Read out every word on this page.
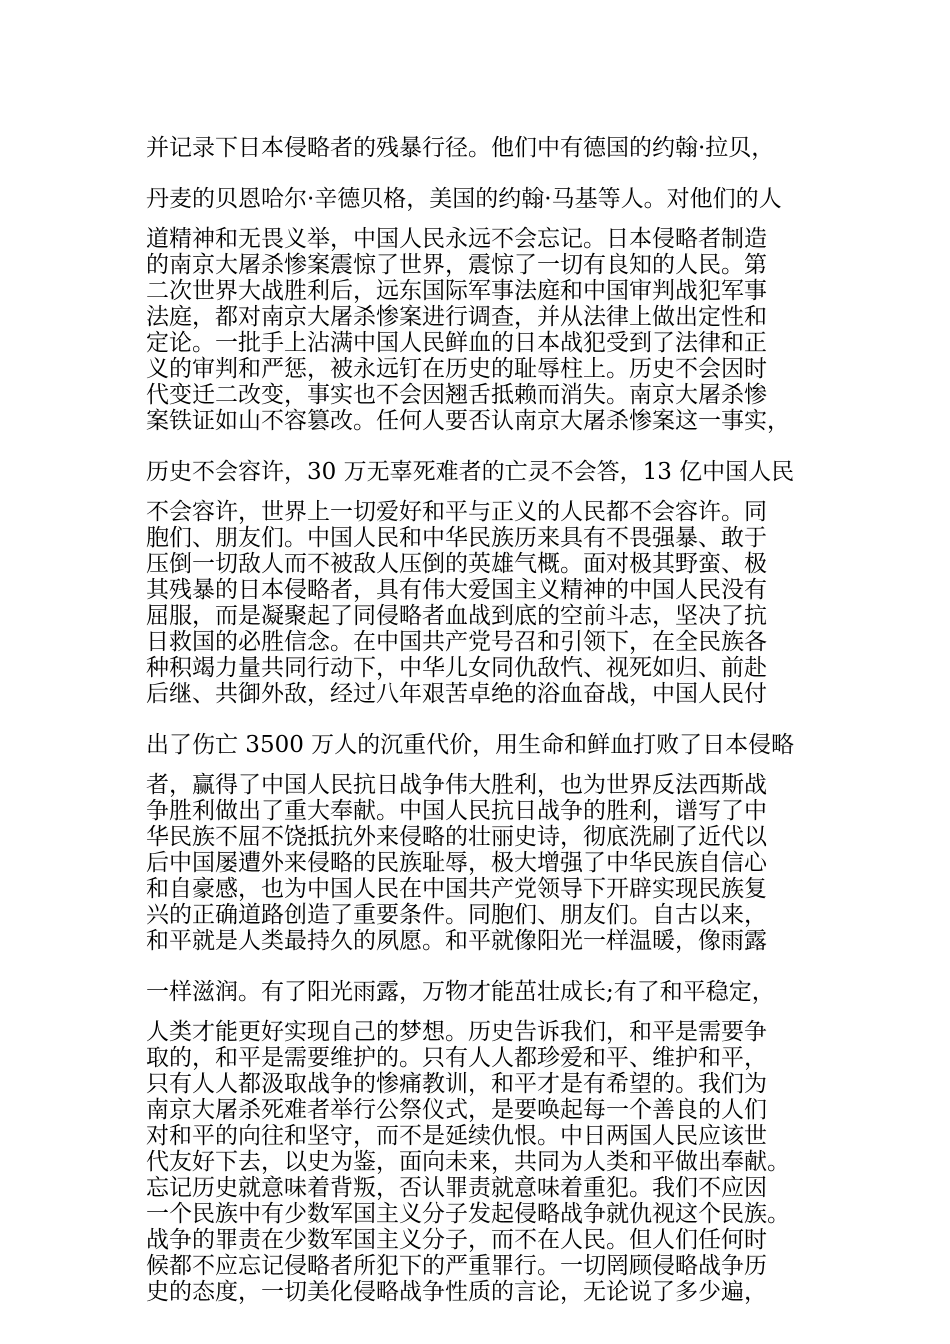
并记录下日本侵略者的残暴行径。他们中有德国的约翰·拉贝，
丹麦的贝恩哈尔·辛德贝格，美国的约翰·马基等人。对他们的人
道精神和无畏义举，中国人民永远不会忘记。日本侵略者制造
的南京大屠杀惨案震惊了世界，震惊了一切有良知的人民。第
二次世界大战胜利后，远东国际军事法庭和中国审判战犯军事
法庭，都对南京大屠杀惨案进行调查，并从法律上做出定性和
定论。一批手上沾满中国人民鲜血的日本战犯受到了法律和正
义的审判和严惩，被永远钉在历史的耻辱柱上。历史不会因时
代变迁二改变，事实也不会因翘舌抵赖而消失。南京大屠杀惨
案铁证如山不容篡改。任何人要否认南京大屠杀惨案这一事实，
历史不会容许，30 万无辜死难者的亡灵不会答，13 亿中国人民
不会容许，世界上一切爱好和平与正义的人民都不会容许。同
胞们、朋友们。中国人民和中华民族历来具有不畏强暴、敢于
压倒一切敌人而不被敌人压倒的英雄气概。面对极其野蛮、极
其残暴的日本侵略者，具有伟大爱国主义精神的中国人民没有
屈服，而是凝聚起了同侵略者血战到底的空前斗志，坚决了抗
日救国的必胜信念。在中国共产党号召和引领下，在全民族各
种积竭力量共同行动下，中华儿女同仇敌忾、视死如归、前赴
后继、共御外敌，经过八年艰苦卓绝的浴血奋战，中国人民付
出了伤亡 3500 万人的沉重代价，用生命和鲜血打败了日本侵略
者，赢得了中国人民抗日战争伟大胜利，也为世界反法西斯战
争胜利做出了重大奉献。中国人民抗日战争的胜利，谱写了中
华民族不屈不饶抵抗外来侵略的壮丽史诗，彻底洗刷了近代以
后中国屡遭外来侵略的民族耻辱，极大增强了中华民族自信心
和自豪感，也为中国人民在中国共产党领导下开辟实现民族复
兴的正确道路创造了重要条件。同胞们、朋友们。自古以来，
和平就是人类最持久的夙愿。和平就像阳光一样温暖，像雨露
一样滋润。有了阳光雨露，万物才能茁壮成长;有了和平稳定，
人类才能更好实现自己的梦想。历史告诉我们，和平是需要争
取的，和平是需要维护的。只有人人都珍爱和平、维护和平，
只有人人都汲取战争的惨痛教训，和平才是有希望的。我们为
南京大屠杀死难者举行公祭仪式，是要唤起每一个善良的人们
对和平的向往和坚守，而不是延续仇恨。中日两国人民应该世
代友好下去，以史为鉴，面向未来，共同为人类和平做出奉献。
忘记历史就意味着背叛，否认罪责就意味着重犯。我们不应因
一个民族中有少数军国主义分子发起侵略战争就仇视这个民族。
战争的罪责在少数军国主义分子，而不在人民。但人们任何时
候都不应忘记侵略者所犯下的严重罪行。一切罔顾侵略战争历
史的态度，一切美化侵略战争性质的言论，无论说了多少遍，
